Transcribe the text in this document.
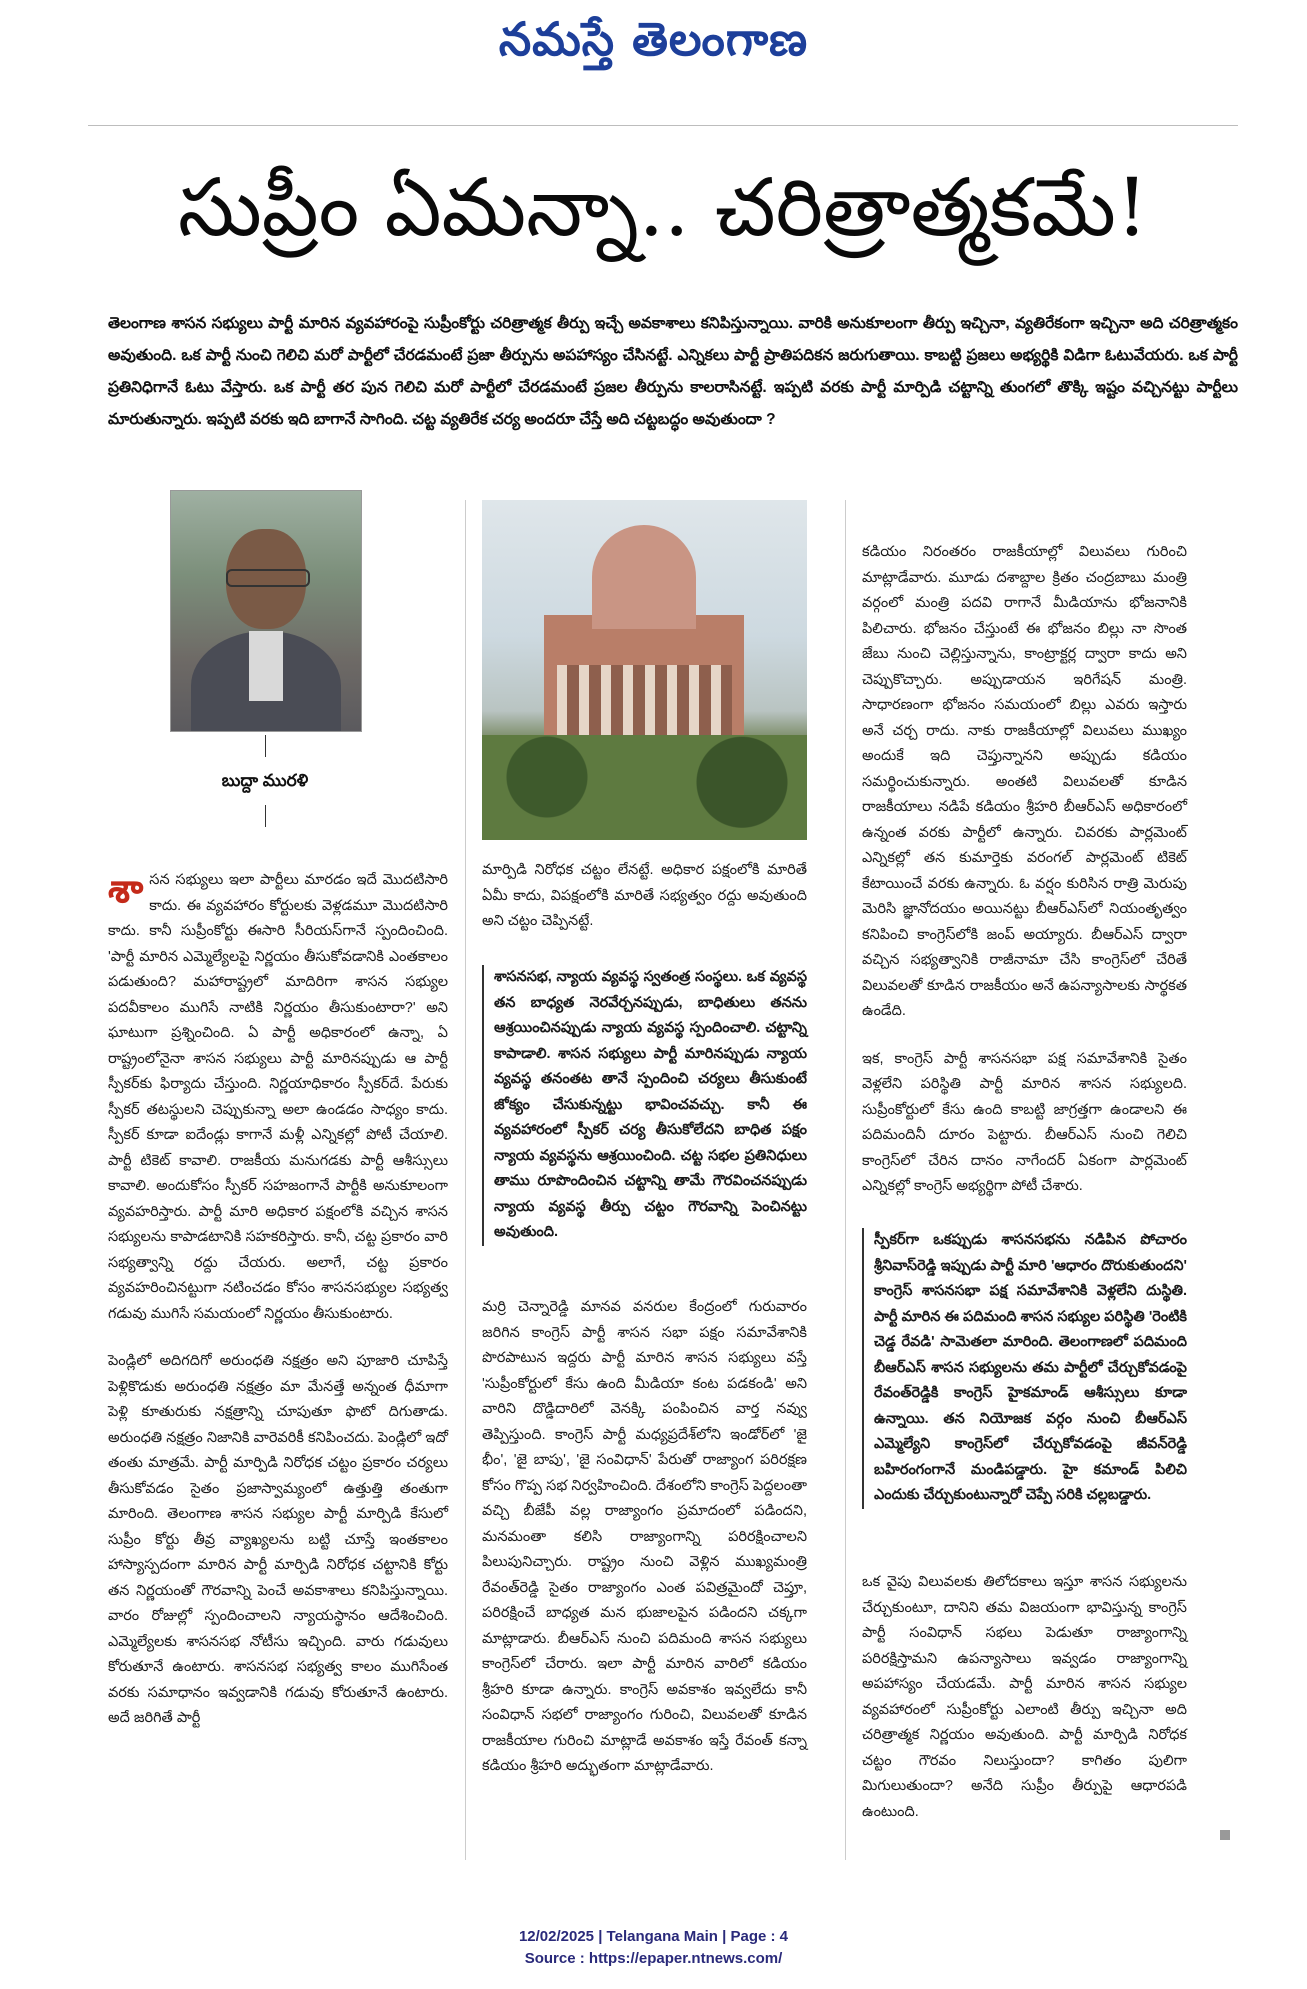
నమస్తే తెలంగాణ
సుప్రీం ఏమన్నా.. చరిత్రాత్మకమే!
తెలంగాణ శాసన సభ్యులు పార్టీ మారిన వ్యవహారంపై సుప్రీంకోర్టు చరిత్రాత్మక తీర్పు ఇచ్చే అవకాశాలు కనిపిస్తున్నాయి. వారికి అనుకూలంగా తీర్పు ఇచ్చినా, వ్యతిరేకంగా ఇచ్చినా అది చరిత్రాత్మకం అవుతుంది. ఒక పార్టీ నుంచి గెలిచి మరో పార్టీలో చేరడమంటే ప్రజా తీర్పును అపహాస్యం చేసినట్టే. ఎన్నికలు పార్టీ ప్రాతిపదికన జరుగుతాయి. కాబట్టి ప్రజలు అభ్యర్థికి విడిగా ఓటువేయరు. ఒక పార్టీ ప్రతినిధిగానే ఓటు వేస్తారు. ఒక పార్టీ తర పున గెలిచి మరో పార్టీలో చేరడమంటే ప్రజల తీర్పును కాలరాసినట్టే. ఇప్పటి వరకు పార్టీ మార్పిడి చట్టాన్ని తుంగలో తొక్కి ఇష్టం వచ్చినట్టు పార్టీలు మారుతున్నారు. ఇప్పటి వరకు ఇది బాగానే సాగింది. చట్ట వ్యతిరేక చర్య అందరూ చేస్తే అది చట్టబద్ధం అవుతుందా ?
బుద్దా మురళి

శాసన సభ్యులు ఇలా పార్టీలు మారడం ఇదే మొదటిసారి కాదు. ఈ వ్యవహారం కోర్టులకు వెళ్లడమూ మొదటిసారి కాదు. కానీ సుప్రీంకోర్టు ఈసారి సీరియస్‌గానే స్పందించింది. 'పార్టీ మారిన ఎమ్మెల్యేలపై నిర్ణయం తీసుకోవడానికి ఎంతకాలం పడుతుంది? మహారాష్ట్రలో మాదిరిగా శాసన సభ్యుల పదవీకాలం ముగిసే నాటికి నిర్ణయం తీసుకుంటారా?' అని ఘాటుగా ప్రశ్నించింది. ఏ పార్టీ అధికారంలో ఉన్నా, ఏ రాష్ట్రంలోనైనా శాసన సభ్యులు పార్టీ మారినప్పుడు ఆ పార్టీ స్పీకర్‌కు ఫిర్యాదు చేస్తుంది. నిర్ణయాధికారం స్పీకర్‌దే. పేరుకు స్పీకర్ తటస్థులని చెప్పుకున్నా అలా ఉండడం సాధ్యం కాదు. స్పీకర్ కూడా ఐదేండ్లు కాగానే మళ్లీ ఎన్నికల్లో పోటీ చేయాలి. పార్టీ టికెట్ కావాలి. రాజకీయ మనుగడకు పార్టీ ఆశీస్సులు కావాలి. అందుకోసం స్పీకర్ సహజంగానే పార్టీకి అనుకూలంగా వ్యవహరిస్తారు. పార్టీ మారి అధికార పక్షంలోకి వచ్చిన శాసన సభ్యులను కాపాడటానికి సహకరిస్తారు. కానీ, చట్ట ప్రకారం వారి సభ్యత్వాన్ని రద్దు చేయరు. అలాగే, చట్ట ప్రకారం వ్యవహరించినట్టుగా నటించడం కోసం శాసనసభ్యుల సభ్యత్వ గడువు ముగిసే సమయంలో నిర్ణయం తీసుకుంటారు.

పెండ్లిలో అదిగదిగో అరుంధతి నక్షత్రం అని పూజారి చూపిస్తే పెళ్లికొడుకు అరుంధతి నక్షత్రం మా మేనత్తే అన్నంత ధీమాగా పెళ్లి కూతురుకు నక్షత్రాన్ని చూపుతూ ఫొటో దిగుతాడు. అరుంధతి నక్షత్రం నిజానికి వారెవరికీ కనిపించదు. పెండ్లిలో ఇదో తంతు మాత్రమే. పార్టీ మార్పిడి నిరోధక చట్టం ప్రకారం చర్యలు తీసుకోవడం సైతం ప్రజాస్వామ్యంలో ఉత్తుత్తి తంతుగా మారింది. తెలంగాణ శాసన సభ్యుల పార్టీ మార్పిడి కేసులో సుప్రీం కోర్టు తీవ్ర వ్యాఖ్యలను బట్టి చూస్తే ఇంతకాలం హాస్యాస్పదంగా మారిన పార్టీ మార్పిడి నిరోధక చట్టానికి కోర్టు తన నిర్ణయంతో గౌరవాన్ని పెంచే అవకాశాలు కనిపిస్తున్నాయి. వారం రోజుల్లో స్పందించాలని న్యాయస్థానం ఆదేశించింది. ఎమ్మెల్యేలకు శాసనసభ నోటీసు ఇచ్చింది. వారు గడువులు కోరుతూనే ఉంటారు. శాసనసభ సభ్యత్వ కాలం ముగిసేంత వరకు సమాధానం ఇవ్వడానికి గడువు కోరుతూనే ఉంటారు. అదే జరిగితే పార్టీ

మార్పిడి నిరోధక చట్టం లేనట్టే. అధికార పక్షంలోకి మారితే ఏమీ కాదు, విపక్షంలోకి మారితే సభ్యత్వం రద్దు అవుతుంది అని చట్టం చెప్పినట్టే.
శాసనసభ, న్యాయ వ్యవస్థ స్వతంత్ర సంస్థలు. ఒక వ్యవస్థ తన బాధ్యత నెరవేర్చనప్పుడు, బాధితులు తనను ఆశ్రయించినప్పుడు న్యాయ వ్యవస్థ స్పందించాలి. చట్టాన్ని కాపాడాలి. శాసన సభ్యులు పార్టీ మారినప్పుడు న్యాయ వ్యవస్థ తనంతట తానే స్పందించి చర్యలు తీసుకుంటే జోక్యం చేసుకున్నట్టు భావించవచ్చు. కానీ ఈ వ్యవహారంలో స్పీకర్ చర్య తీసుకోలేదని బాధిత పక్షం న్యాయ వ్యవస్థను ఆశ్రయించింది. చట్ట సభల ప్రతినిధులు తాము రూపొందించిన చట్టాన్ని తామే గౌరవించనప్పుడు న్యాయ వ్యవస్థ తీర్పు చట్టం గౌరవాన్ని పెంచినట్టు అవుతుంది.
మర్రి చెన్నారెడ్డి మానవ వనరుల కేంద్రంలో గురువారం జరిగిన కాంగ్రెస్ పార్టీ శాసన సభా పక్షం సమావేశానికి పొరపాటున ఇద్దరు పార్టీ మారిన శాసన సభ్యులు వస్తే 'సుప్రీంకోర్టులో కేసు ఉంది మీడియా కంట పడకండి' అని వారిని దొడ్డిదారిలో వెనక్కి పంపించిన వార్త నవ్వు తెప్పిస్తుంది. కాంగ్రెస్ పార్టీ మధ్యప్రదేశ్‌లోని ఇండోర్‌లో 'జై భీం', 'జై బాపు', 'జై సంవిధాన్' పేరుతో రాజ్యాంగ పరిరక్షణ కోసం గొప్ప సభ నిర్వహించింది. దేశంలోని కాంగ్రెస్ పెద్దలంతా వచ్చి బీజేపీ వల్ల రాజ్యాంగం ప్రమాదంలో పడిందని, మనమంతా కలిసి రాజ్యాంగాన్ని పరిరక్షించాలని పిలుపునిచ్చారు. రాష్ట్రం నుంచి వెళ్లిన ముఖ్యమంత్రి రేవంత్‌రెడ్డి సైతం రాజ్యాంగం ఎంత పవిత్రమైందో చెప్తూ, పరిరక్షించే బాధ్యత మన భుజాలపైన పడిందని చక్కగా మాట్లాడారు. బీఆర్‌ఎస్ నుంచి పదిమంది శాసన సభ్యులు కాంగ్రెస్‌లో చేరారు. ఇలా పార్టీ మారిన వారిలో కడియం శ్రీహరి కూడా ఉన్నారు. కాంగ్రెస్ అవకాశం ఇవ్వలేదు కానీ సంవిధాన్ సభలో రాజ్యాంగం గురించి, విలువలతో కూడిన రాజకీయాల గురించి మాట్లాడే అవకాశం ఇస్తే రేవంత్ కన్నా కడియం శ్రీహరి అద్భుతంగా మాట్లాడేవారు.

కడియం నిరంతరం రాజకీయాల్లో విలువలు గురించి మాట్లాడేవారు. మూడు దశాబ్దాల క్రితం చంద్రబాబు మంత్రి వర్గంలో మంత్రి పదవి రాగానే మీడియాను భోజనానికి పిలిచారు. భోజనం చేస్తుంటే ఈ భోజనం బిల్లు నా సొంత జేబు నుంచి చెల్లిస్తున్నాను, కాంట్రాక్టర్ల ద్వారా కాదు అని చెప్పుకొచ్చారు. అప్పుడాయన ఇరిగేషన్ మంత్రి. సాధారణంగా భోజనం సమయంలో బిల్లు ఎవరు ఇస్తారు అనే చర్చ రాదు. నాకు రాజకీయాల్లో విలువలు ముఖ్యం అందుకే ఇది చెప్తున్నానని అప్పుడు కడియం సమర్థించుకున్నారు. అంతటి విలువలతో కూడిన రాజకీయాలు నడిపే కడియం శ్రీహరి బీఆర్‌ఎస్ అధికారంలో ఉన్నంత వరకు పార్టీలో ఉన్నారు. చివరకు పార్లమెంట్ ఎన్నికల్లో తన కుమార్తెకు వరంగల్ పార్లమెంట్ టికెట్ కేటాయించే వరకు ఉన్నారు. ఓ వర్షం కురిసిన రాత్రి మెరుపు మెరిసి జ్ఞానోదయం అయినట్టు బీఆర్ఎస్‌లో నియంతృత్వం కనిపించి కాంగ్రెస్‌లోకి జంప్ అయ్యారు. బీఆర్ఎస్ ద్వారా వచ్చిన సభ్యత్వానికి రాజీనామా చేసి కాంగ్రెస్‌లో చేరితే విలువలతో కూడిన రాజకీయం అనే ఉపన్యాసాలకు సార్థకత ఉండేది.

ఇక, కాంగ్రెస్ పార్టీ శాసనసభా పక్ష సమావేశానికి సైతం వెళ్లలేని పరిస్థితి పార్టీ మారిన శాసన సభ్యులది. సుప్రీంకోర్టులో కేసు ఉంది కాబట్టి జాగ్రత్తగా ఉండాలని ఈ పదిమందినీ దూరం పెట్టారు. బీఆర్ఎస్ నుంచి గెలిచి కాంగ్రెస్‌లో చేరిన దానం నాగేందర్ ఏకంగా పార్లమెంట్ ఎన్నికల్లో కాంగ్రెస్ అభ్యర్థిగా పోటీ చేశారు.

స్పీకర్‌గా ఒకప్పుడు శాసనసభను నడిపిన పోచారం శ్రీనివాస్‌రెడ్డి ఇప్పుడు పార్టీ మారి 'ఆధారం దొరుకుతుందని' కాంగ్రెస్ శాసనసభా పక్ష సమావేశానికి వెళ్లలేని దుస్థితి. పార్టీ మారిన ఈ పదిమంది శాసన సభ్యుల పరిస్థితి 'రెంటికి చెడ్డ రేవడి' సామెతలా మారింది. తెలంగాణలో పదిమంది బీఆర్ఎస్ శాసన సభ్యులను తమ పార్టీలో చేర్చుకోవడంపై రేవంత్‌రెడ్డికి కాంగ్రెస్ హైకమాండ్ ఆశీస్సులు కూడా ఉన్నాయి. తన నియోజక వర్గం నుంచి బీఆర్ఎస్ ఎమ్మెల్యేని కాంగ్రెస్‌లో చేర్చుకోవడంపై జీవన్‌రెడ్డి బహిరంగంగానే మండిపడ్డారు. హై కమాండ్ పిలిచి ఎందుకు చేర్చుకుంటున్నారో చెప్పే సరికి చల్లబడ్డారు.
ఒక వైపు విలువలకు తిలోదకాలు ఇస్తూ శాసన సభ్యులను చేర్చుకుంటూ, దానిని తమ విజయంగా భావిస్తున్న కాంగ్రెస్ పార్టీ సంవిధాన్ సభలు పెడుతూ రాజ్యాంగాన్ని పరిరక్షిస్తామని ఉపన్యాసాలు ఇవ్వడం రాజ్యాంగాన్ని అపహాస్యం చేయడమే. పార్టీ మారిన శాసన సభ్యుల వ్యవహారంలో సుప్రీంకోర్టు ఎలాంటి తీర్పు ఇచ్చినా అది చరిత్రాత్మక నిర్ణయం అవుతుంది. పార్టీ మార్పిడి నిరోధక చట్టం గౌరవం నిలుస్తుందా? కాగితం పులిగా మిగులుతుందా? అనేది సుప్రీం తీర్పుపై ఆధారపడి ఉంటుంది.
12/02/2025 | Telangana Main | Page : 4
Source : https://epaper.ntnews.com/
